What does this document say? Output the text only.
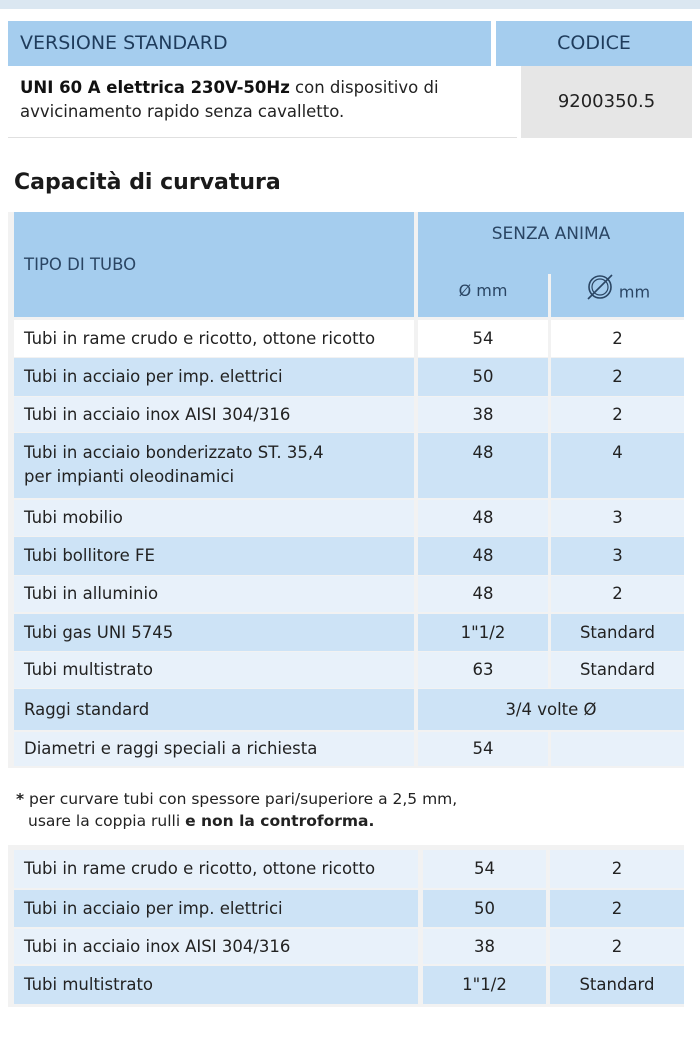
VERSIONE STANDARD	CODICE
UNI 60 A elettrica 230V-50Hz con dispositivo di avvicinamento rapido senza cavalletto.	9200350.5
Capacità di curvatura
TIPO DI TUBO
SENZA ANIMA
Ø mm	mm
Tubi in rame crudo e ricotto, ottone ricotto	54	2
Tubi in acciaio per imp. elettrici	50	2
Tubi in acciaio inox AISI 304/316	38	2
Tubi in acciaio bonderizzato ST. 35,4
per impianti oleodinamici
48	4
Tubi mobilio	48	3
Tubi bollitore FE	48	3
Tubi in alluminio	48	2
Tubi gas UNI 5745	1"1/2	Standard
Tubi multistrato	63	Standard
Raggi standard	3/4 volte Ø
Diametri e raggi speciali a richiesta	54
* per curvare tubi con spessore pari/superiore a 2,5 mm,
usare la coppia rulli e non la controforma.
Tubi in rame crudo e ricotto, ottone ricotto	54	2
Tubi in acciaio per imp. elettrici	50	2
Tubi in acciaio inox AISI 304/316	38	2
Tubi multistrato	1"1/2	Standard
